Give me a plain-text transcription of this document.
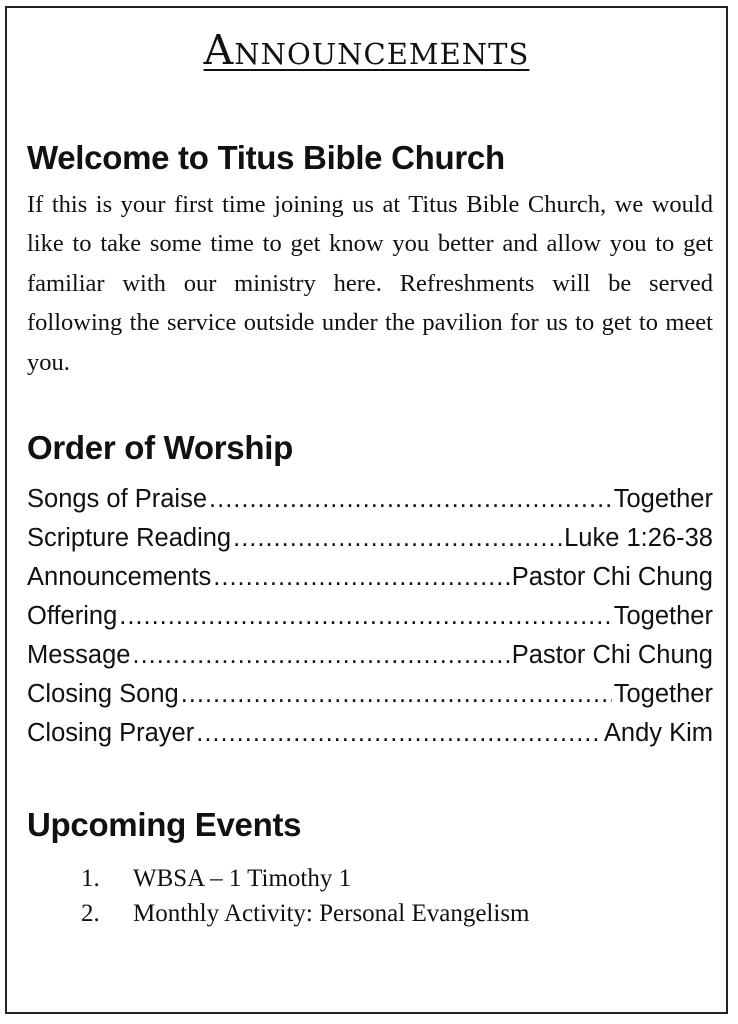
Announcements
Welcome to Titus Bible Church
If this is your first time joining us at Titus Bible Church, we would like to take some time to get know you better and allow you to get familiar with our ministry here. Refreshments will be served following the service outside under the pavilion for us to get to meet you.
Order of Worship
Songs of Praise .....	Together
Scripture Reading .....	Luke 1:26-38
Announcements .....	Pastor Chi Chung
Offering .....	Together
Message .....	Pastor Chi Chung
Closing Song .....	Together
Closing Prayer .....	Andy Kim
Upcoming Events
1.	WBSA – 1 Timothy 1
2.	Monthly Activity: Personal Evangelism
